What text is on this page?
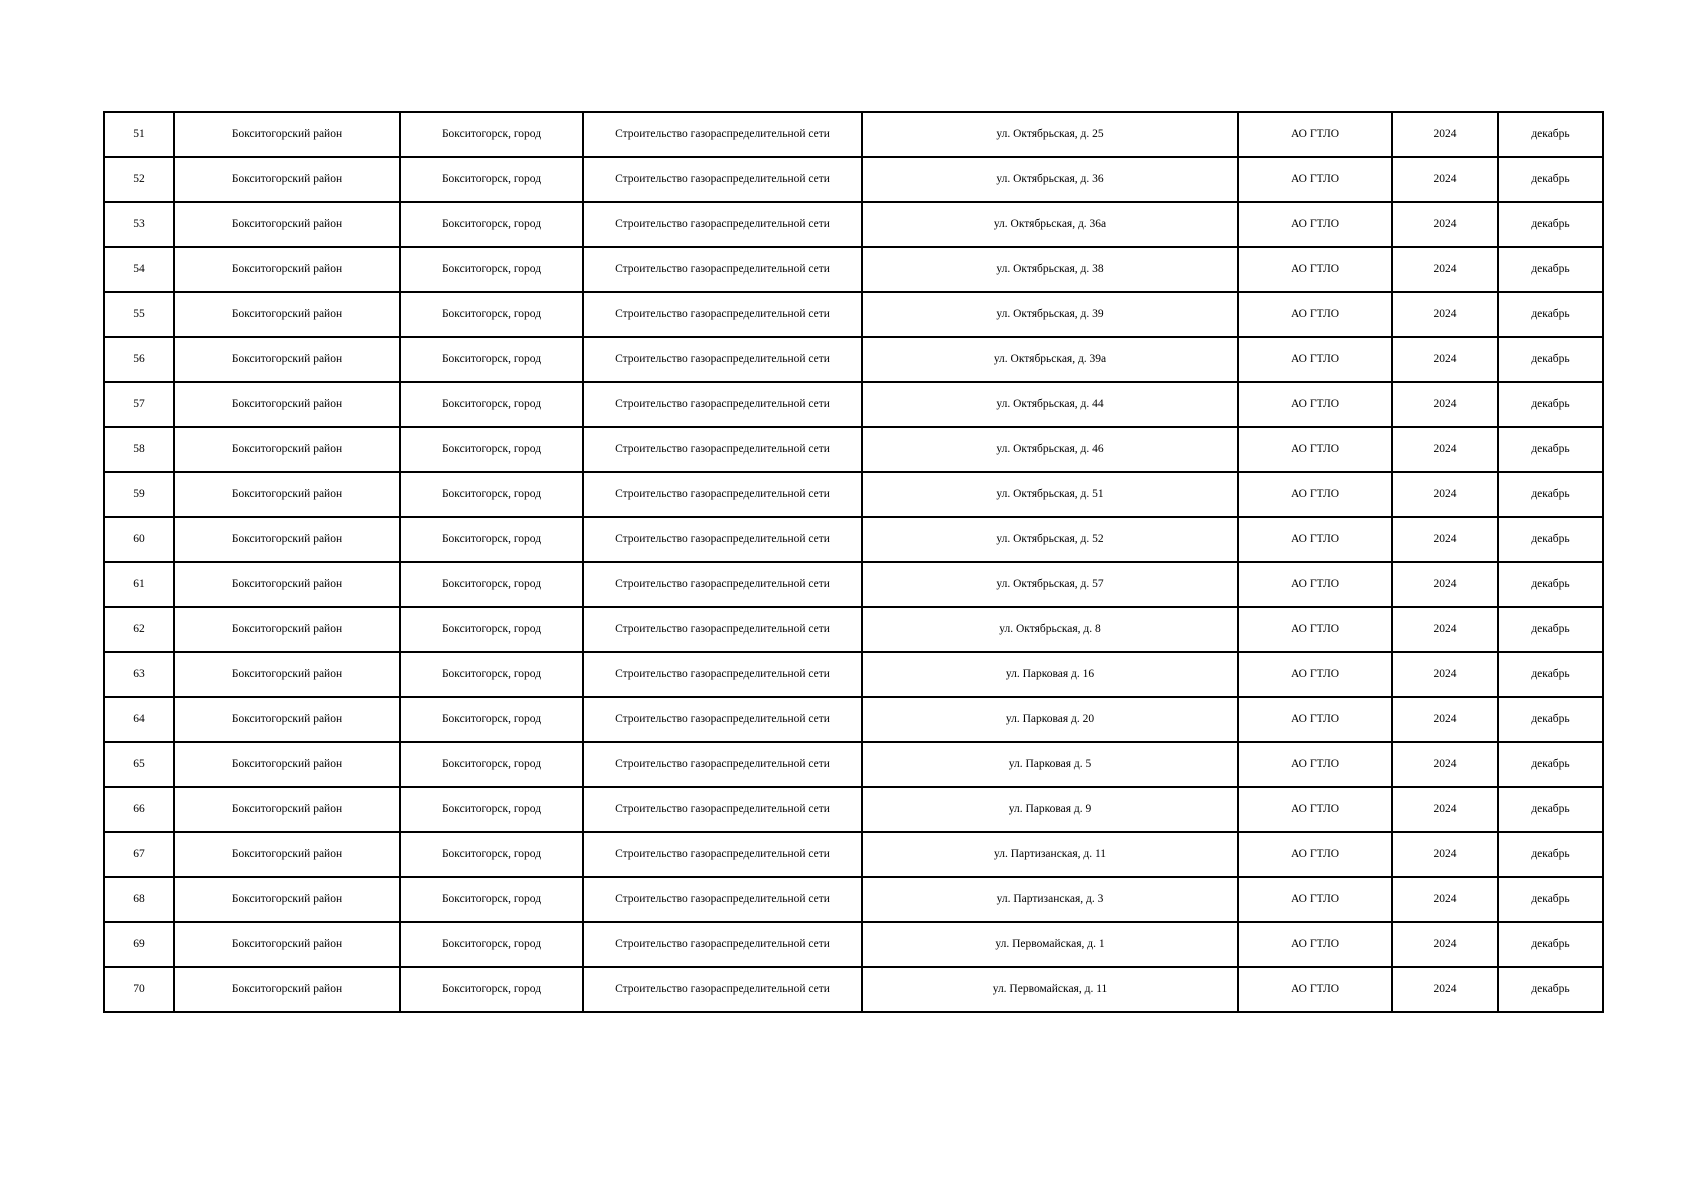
51	Бокситогорский район	Бокситогорск, город	Строительство газораспределительной сети	ул. Октябрьская, д. 25	АО ГТЛО	2024	декабрь
52	Бокситогорский район	Бокситогорск, город	Строительство газораспределительной сети	ул. Октябрьская, д. 36	АО ГТЛО	2024	декабрь
53	Бокситогорский район	Бокситогорск, город	Строительство газораспределительной сети	ул. Октябрьская, д. 36а	АО ГТЛО	2024	декабрь
54	Бокситогорский район	Бокситогорск, город	Строительство газораспределительной сети	ул. Октябрьская, д. 38	АО ГТЛО	2024	декабрь
55	Бокситогорский район	Бокситогорск, город	Строительство газораспределительной сети	ул. Октябрьская, д. 39	АО ГТЛО	2024	декабрь
56	Бокситогорский район	Бокситогорск, город	Строительство газораспределительной сети	ул. Октябрьская, д. 39а	АО ГТЛО	2024	декабрь
57	Бокситогорский район	Бокситогорск, город	Строительство газораспределительной сети	ул. Октябрьская, д. 44	АО ГТЛО	2024	декабрь
58	Бокситогорский район	Бокситогорск, город	Строительство газораспределительной сети	ул. Октябрьская, д. 46	АО ГТЛО	2024	декабрь
59	Бокситогорский район	Бокситогорск, город	Строительство газораспределительной сети	ул. Октябрьская, д. 51	АО ГТЛО	2024	декабрь
60	Бокситогорский район	Бокситогорск, город	Строительство газораспределительной сети	ул. Октябрьская, д. 52	АО ГТЛО	2024	декабрь
61	Бокситогорский район	Бокситогорск, город	Строительство газораспределительной сети	ул. Октябрьская, д. 57	АО ГТЛО	2024	декабрь
62	Бокситогорский район	Бокситогорск, город	Строительство газораспределительной сети	ул. Октябрьская, д. 8	АО ГТЛО	2024	декабрь
63	Бокситогорский район	Бокситогорск, город	Строительство газораспределительной сети	ул. Парковая д. 16	АО ГТЛО	2024	декабрь
64	Бокситогорский район	Бокситогорск, город	Строительство газораспределительной сети	ул. Парковая д. 20	АО ГТЛО	2024	декабрь
65	Бокситогорский район	Бокситогорск, город	Строительство газораспределительной сети	ул. Парковая д. 5	АО ГТЛО	2024	декабрь
66	Бокситогорский район	Бокситогорск, город	Строительство газораспределительной сети	ул. Парковая д. 9	АО ГТЛО	2024	декабрь
67	Бокситогорский район	Бокситогорск, город	Строительство газораспределительной сети	ул. Партизанская, д. 11	АО ГТЛО	2024	декабрь
68	Бокситогорский район	Бокситогорск, город	Строительство газораспределительной сети	ул. Партизанская, д. 3	АО ГТЛО	2024	декабрь
69	Бокситогорский район	Бокситогорск, город	Строительство газораспределительной сети	ул. Первомайская, д. 1	АО ГТЛО	2024	декабрь
70	Бокситогорский район	Бокситогорск, город	Строительство газораспределительной сети	ул. Первомайская, д. 11	АО ГТЛО	2024	декабрь
